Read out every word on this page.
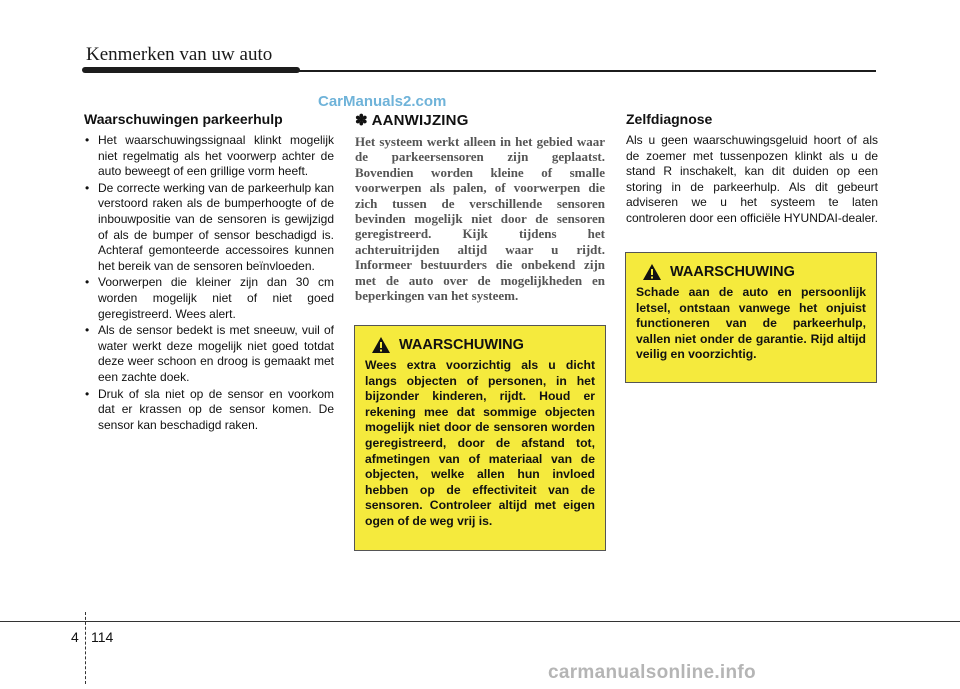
Kenmerken van uw auto
CarManuals2.com
Waarschuwingen parkeerhulp
• Het waarschuwingssignaal klinkt mogelijk niet regelmatig als het voorwerp achter de auto beweegt of een grillige vorm heeft.
• De correcte werking van de parkeerhulp kan verstoord raken als de bumperhoogte of de inbouwpositie van de sensoren is gewijzigd of als de bumper of sensor beschadigd is. Achteraf gemonteerde accessoires kunnen het bereik van de sensoren beïnvloeden.
• Voorwerpen die kleiner zijn dan 30 cm worden mogelijk niet of niet goed geregistreerd. Wees alert.
• Als de sensor bedekt is met sneeuw, vuil of water werkt deze mogelijk niet goed totdat deze weer schoon en droog is gemaakt met een zachte doek.
• Druk of sla niet op de sensor en voorkom dat er krassen op de sensor komen. De sensor kan beschadigd raken.
✽ AANWIJZING

Het systeem werkt alleen in het gebied waar de parkeersensoren zijn geplaatst. Bovendien worden kleine of smalle voorwerpen als palen, of voorwerpen die zich tussen de verschillende sensoren bevinden mogelijk niet door de sensoren geregistreerd. Kijk tijdens het achteruitrijden altijd waar u rijdt. Informeer bestuurders die onbekend zijn met de auto over de mogelijkheden en beperkingen van het systeem.

WAARSCHUWING

Wees extra voorzichtig als u dicht langs objecten of personen, in het bijzonder kinderen, rijdt. Houd er rekening mee dat sommige objecten mogelijk niet door de sensoren worden geregistreerd, door de afstand tot, afmetingen van of materiaal van de objecten, welke allen hun invloed hebben op de effectiviteit van de sensoren. Controleer altijd met eigen ogen of de weg vrij is.

Zelfdiagnose

Als u geen waarschuwingsgeluid hoort of als de zoemer met tussenpozen klinkt als u de stand R inschakelt, kan dit duiden op een storing in de parkeerhulp. Als dit gebeurt adviseren we u het systeem te laten controleren door een officiële HYUNDAI-dealer.

WAARSCHUWING

Schade aan de auto en persoonlijk letsel, ontstaan vanwege het onjuist functioneren van de parkeerhulp, vallen niet onder de garantie. Rijd altijd veilig en voorzichtig.

4 114
carmanualsonline.info
